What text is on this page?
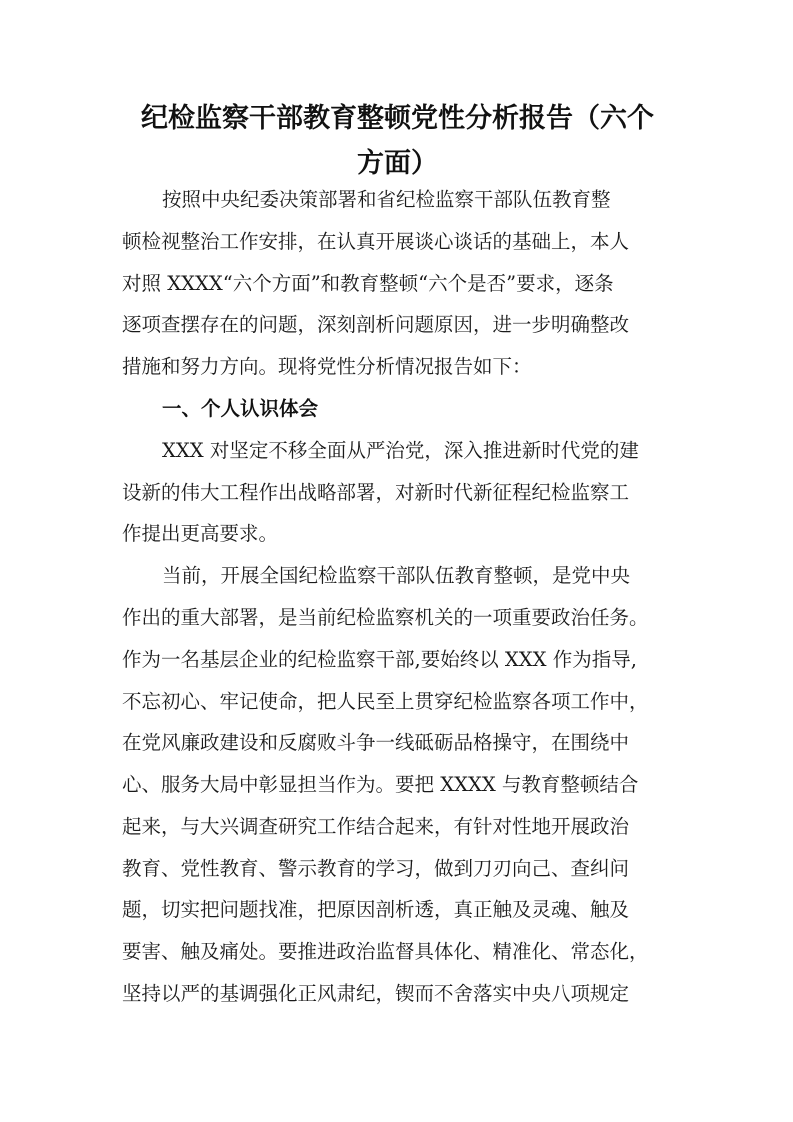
纪检监察干部教育整顿党性分析报告（六个
方面）
按照中央纪委决策部署和省纪检监察干部队伍教育整
顿检视整治工作安排，在认真开展谈心谈话的基础上，本人
对照 XXXX“六个方面”和教育整顿“六个是否”要求，逐条
逐项查摆存在的问题，深刻剖析问题原因，进一步明确整改
措施和努力方向。现将党性分析情况报告如下：
一、个人认识体会
XXX 对坚定不移全面从严治党，深入推进新时代党的建
设新的伟大工程作出战略部署，对新时代新征程纪检监察工
作提出更高要求。
当前，开展全国纪检监察干部队伍教育整顿，是党中央
作出的重大部署，是当前纪检监察机关的一项重要政治任务。
作为一名基层企业的纪检监察干部,要始终以 XXX 作为指导,
不忘初心、牢记使命，把人民至上贯穿纪检监察各项工作中，
在党风廉政建设和反腐败斗争一线砥砺品格操守，在围绕中
心、服务大局中彰显担当作为。要把 XXXX 与教育整顿结合
起来，与大兴调查研究工作结合起来，有针对性地开展政治
教育、党性教育、警示教育的学习，做到刀刃向己、查纠问
题，切实把问题找准，把原因剖析透，真正触及灵魂、触及
要害、触及痛处。要推进政治监督具体化、精准化、常态化，
坚持以严的基调强化正风肃纪，锲而不舍落实中央八项规定
